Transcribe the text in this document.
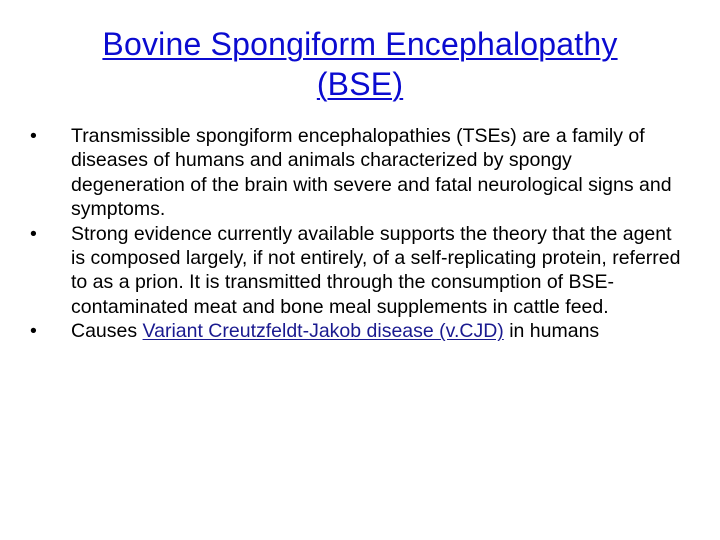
Bovine Spongiform Encephalopathy
(BSE)
•	Transmissible spongiform encephalopathies (TSEs) are a family of diseases of humans and animals characterized by spongy degeneration of the brain with severe and fatal neurological signs and symptoms.
•	Strong evidence currently available supports the theory that the agent is composed largely, if not entirely, of a self-replicating protein, referred to as a prion. It is transmitted through the consumption of BSE-contaminated meat and bone meal supplements in cattle feed.
•	Causes Variant Creutzfeldt-Jakob disease (v.CJD) in humans
